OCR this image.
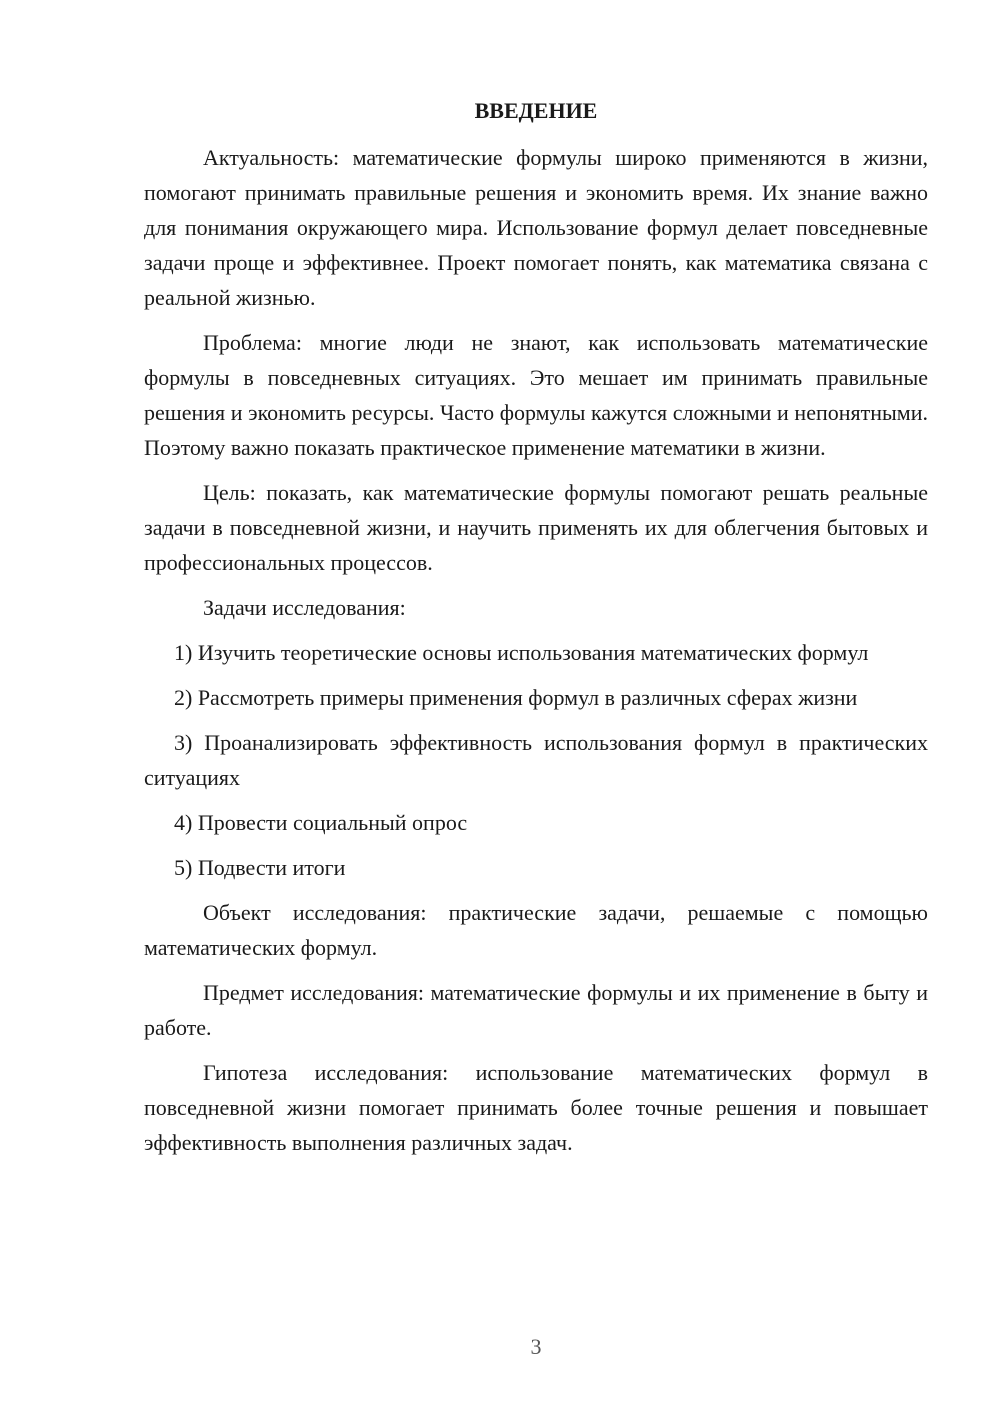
ВВЕДЕНИЕ

Актуальность: математические формулы широко применяются в жизни, помогают принимать правильные решения и экономить время. Их знание важно для понимания окружающего мира. Использование формул делает повседневные задачи проще и эффективнее. Проект помогает понять, как математика связана с реальной жизнью.

Проблема: многие люди не знают, как использовать математические формулы в повседневных ситуациях. Это мешает им принимать правильные решения и экономить ресурсы. Часто формулы кажутся сложными и непонятными. Поэтому важно показать практическое применение математики в жизни.

Цель: показать, как математические формулы помогают решать реальные задачи в повседневной жизни, и научить применять их для облегчения бытовых и профессиональных процессов.

Задачи исследования:

1) Изучить теоретические основы использования математических формул

2) Рассмотреть примеры применения формул в различных сферах жизни

3) Проанализировать эффективность использования формул в практических ситуациях

4) Провести социальный опрос

5) Подвести итоги

Объект исследования: практические задачи, решаемые с помощью математических формул.

Предмет исследования: математические формулы и их применение в быту и работе.

Гипотеза исследования: использование математических формул в повседневной жизни помогает принимать более точные решения и повышает эффективность выполнения различных задач.

3
